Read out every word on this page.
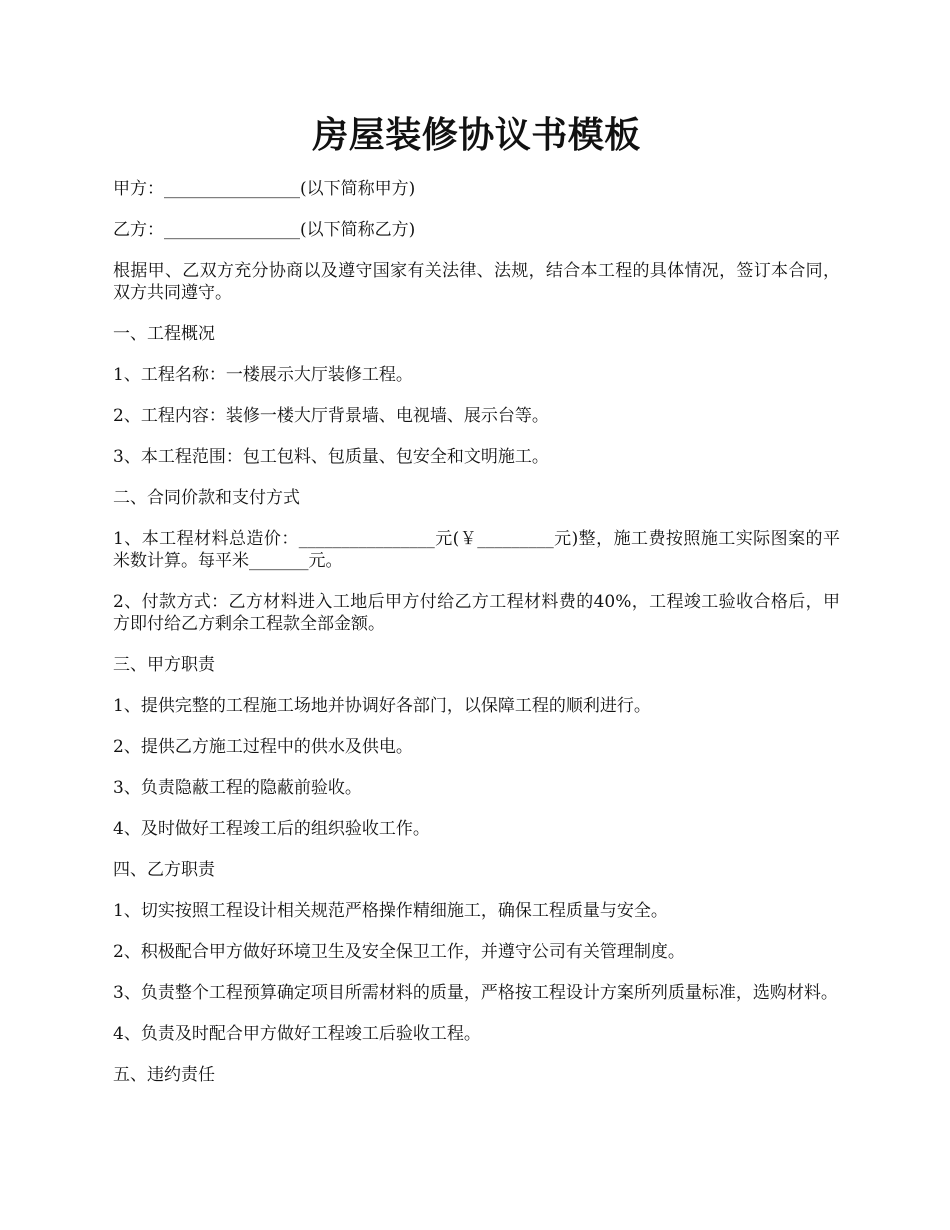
房屋装修协议书模板

甲方：________________(以下简称甲方)

乙方：________________(以下简称乙方)

根据甲、乙双方充分协商以及遵守国家有关法律、法规，结合本工程的具体情况，签订本合同，双方共同遵守。

一、工程概况

1、工程名称：一楼展示大厅装修工程。

2、工程内容：装修一楼大厅背景墙、电视墙、展示台等。

3、本工程范围：包工包料、包质量、包安全和文明施工。

二、合同价款和支付方式

1、本工程材料总造价：________________元(￥_________元)整，施工费按照施工实际图案的平米数计算。每平米_______元。

2、付款方式：乙方材料进入工地后甲方付给乙方工程材料费的40%，工程竣工验收合格后，甲方即付给乙方剩余工程款全部金额。

三、甲方职责

1、提供完整的工程施工场地并协调好各部门，以保障工程的顺利进行。

2、提供乙方施工过程中的供水及供电。

3、负责隐蔽工程的隐蔽前验收。

4、及时做好工程竣工后的组织验收工作。

四、乙方职责

1、切实按照工程设计相关规范严格操作精细施工，确保工程质量与安全。

2、积极配合甲方做好环境卫生及安全保卫工作，并遵守公司有关管理制度。

3、负责整个工程预算确定项目所需材料的质量，严格按工程设计方案所列质量标准，选购材料。

4、负责及时配合甲方做好工程竣工后验收工程。

五、违约责任
